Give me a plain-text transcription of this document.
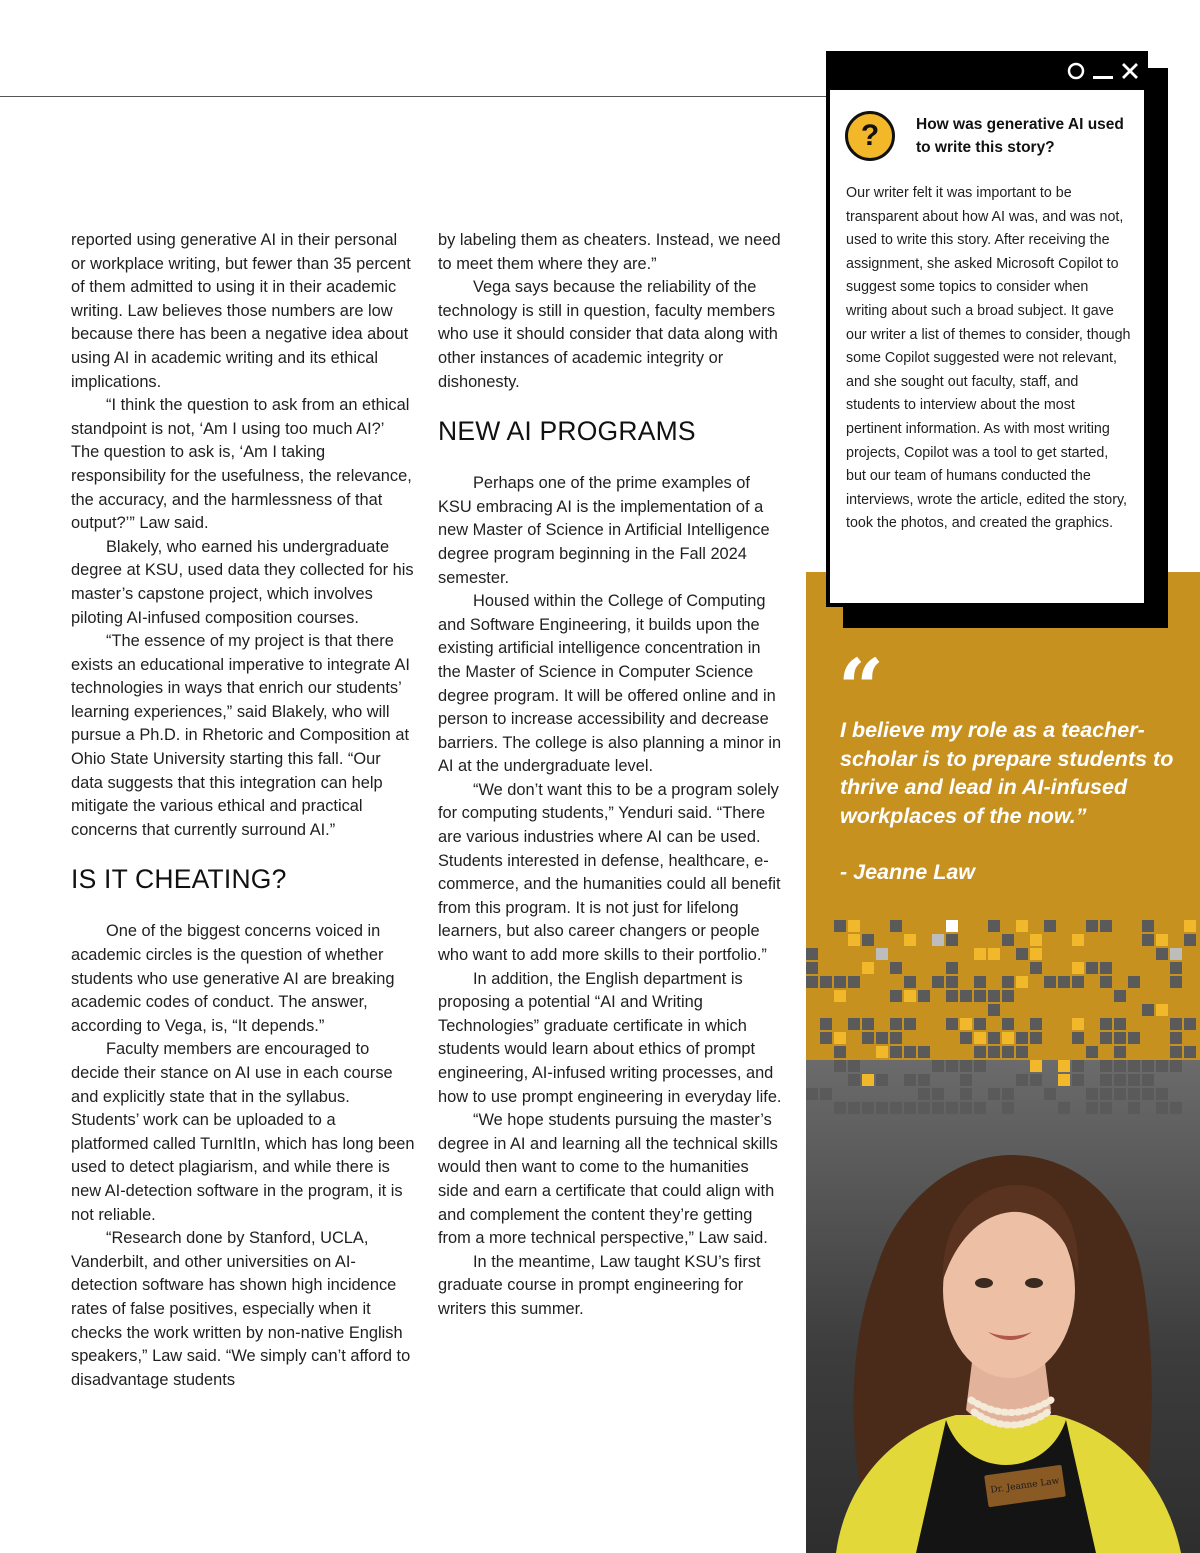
reported using generative AI in their personal or workplace writing, but fewer than 35 percent of them admitted to using it in their academic writing. Law believes those numbers are low because there has been a negative idea about using AI in academic writing and its ethical implications.

“I think the question to ask from an ethical standpoint is not, ‘Am I using too much AI?’ The question to ask is, ‘Am I taking responsibility for the usefulness, the relevance, the accuracy, and the harmlessness of that output?’” Law said.

Blakely, who earned his undergraduate degree at KSU, used data they collected for his master’s capstone project, which involves piloting AI-infused composition courses.

“The essence of my project is that there exists an educational imperative to integrate AI technologies in ways that enrich our students’ learning experiences,” said Blakely, who will pursue a Ph.D. in Rhetoric and Composition at Ohio State University starting this fall. “Our data suggests that this integration can help mitigate the various ethical and practical concerns that currently surround AI.”

IS IT CHEATING?

One of the biggest concerns voiced in academic circles is the question of whether students who use generative AI are breaking academic codes of conduct. The answer, according to Vega, is, “It depends.”

Faculty members are encouraged to decide their stance on AI use in each course and explicitly state that in the syllabus. Students’ work can be uploaded to a platformed called TurnItIn, which has long been used to detect plagiarism, and while there is new AI-detection software in the program, it is not reliable.

“Research done by Stanford, UCLA, Vanderbilt, and other universities on AI-detection software has shown high incidence rates of false positives, especially when it checks the work written by non-native English speakers,” Law said. “We simply can’t afford to disadvantage students

by labeling them as cheaters. Instead, we need to meet them where they are.”

Vega says because the reliability of the technology is still in question, faculty members who use it should consider that data along with other instances of academic integrity or dishonesty.

NEW AI PROGRAMS

Perhaps one of the prime examples of KSU embracing AI is the implementation of a new Master of Science in Artificial Intelligence degree program beginning in the Fall 2024 semester.

Housed within the College of Computing and Software Engineering, it builds upon the existing artificial intelligence concentration in the Master of Science in Computer Science degree program. It will be offered online and in person to increase accessibility and decrease barriers. The college is also planning a minor in AI at the undergraduate level.

“We don’t want this to be a program solely for computing students,” Yenduri said. “There are various industries where AI can be used. Students interested in defense, healthcare, e-commerce, and the humanities could all benefit from this program. It is not just for lifelong learners, but also career changers or people who want to add more skills to their portfolio.”

In addition, the English department is proposing a potential “AI and Writing Technologies” graduate certificate in which students would learn about ethics of prompt engineering, AI-infused writing processes, and how to use prompt engineering in everyday life.

“We hope students pursuing the master’s degree in AI and learning all the technical skills would then want to come to the humanities side and earn a certificate that could align with and complement the content they’re getting from a more technical perspective,” Law said.

In the meantime, Law taught KSU’s first graduate course in prompt engineering for writers this summer.

Dr. Jeanne Law
? How was generative AI used to write this story?
Our writer felt it was important to be transparent about how AI was, and was not, used to write this story. After receiving the assignment, she asked Microsoft Copilot to suggest some topics to consider when writing about such a broad subject. It gave our writer a list of themes to consider, though some Copilot suggested were not relevant, and she sought out faculty, staff, and students to interview about the most pertinent information. As with most writing projects, Copilot was a tool to get started, but our team of humans conducted the interviews, wrote the article, edited the story, took the photos, and created the graphics.
“
I believe my role as a teacher-scholar is to prepare students to thrive and lead in AI-infused workplaces of the now.”
- Jeanne Law
